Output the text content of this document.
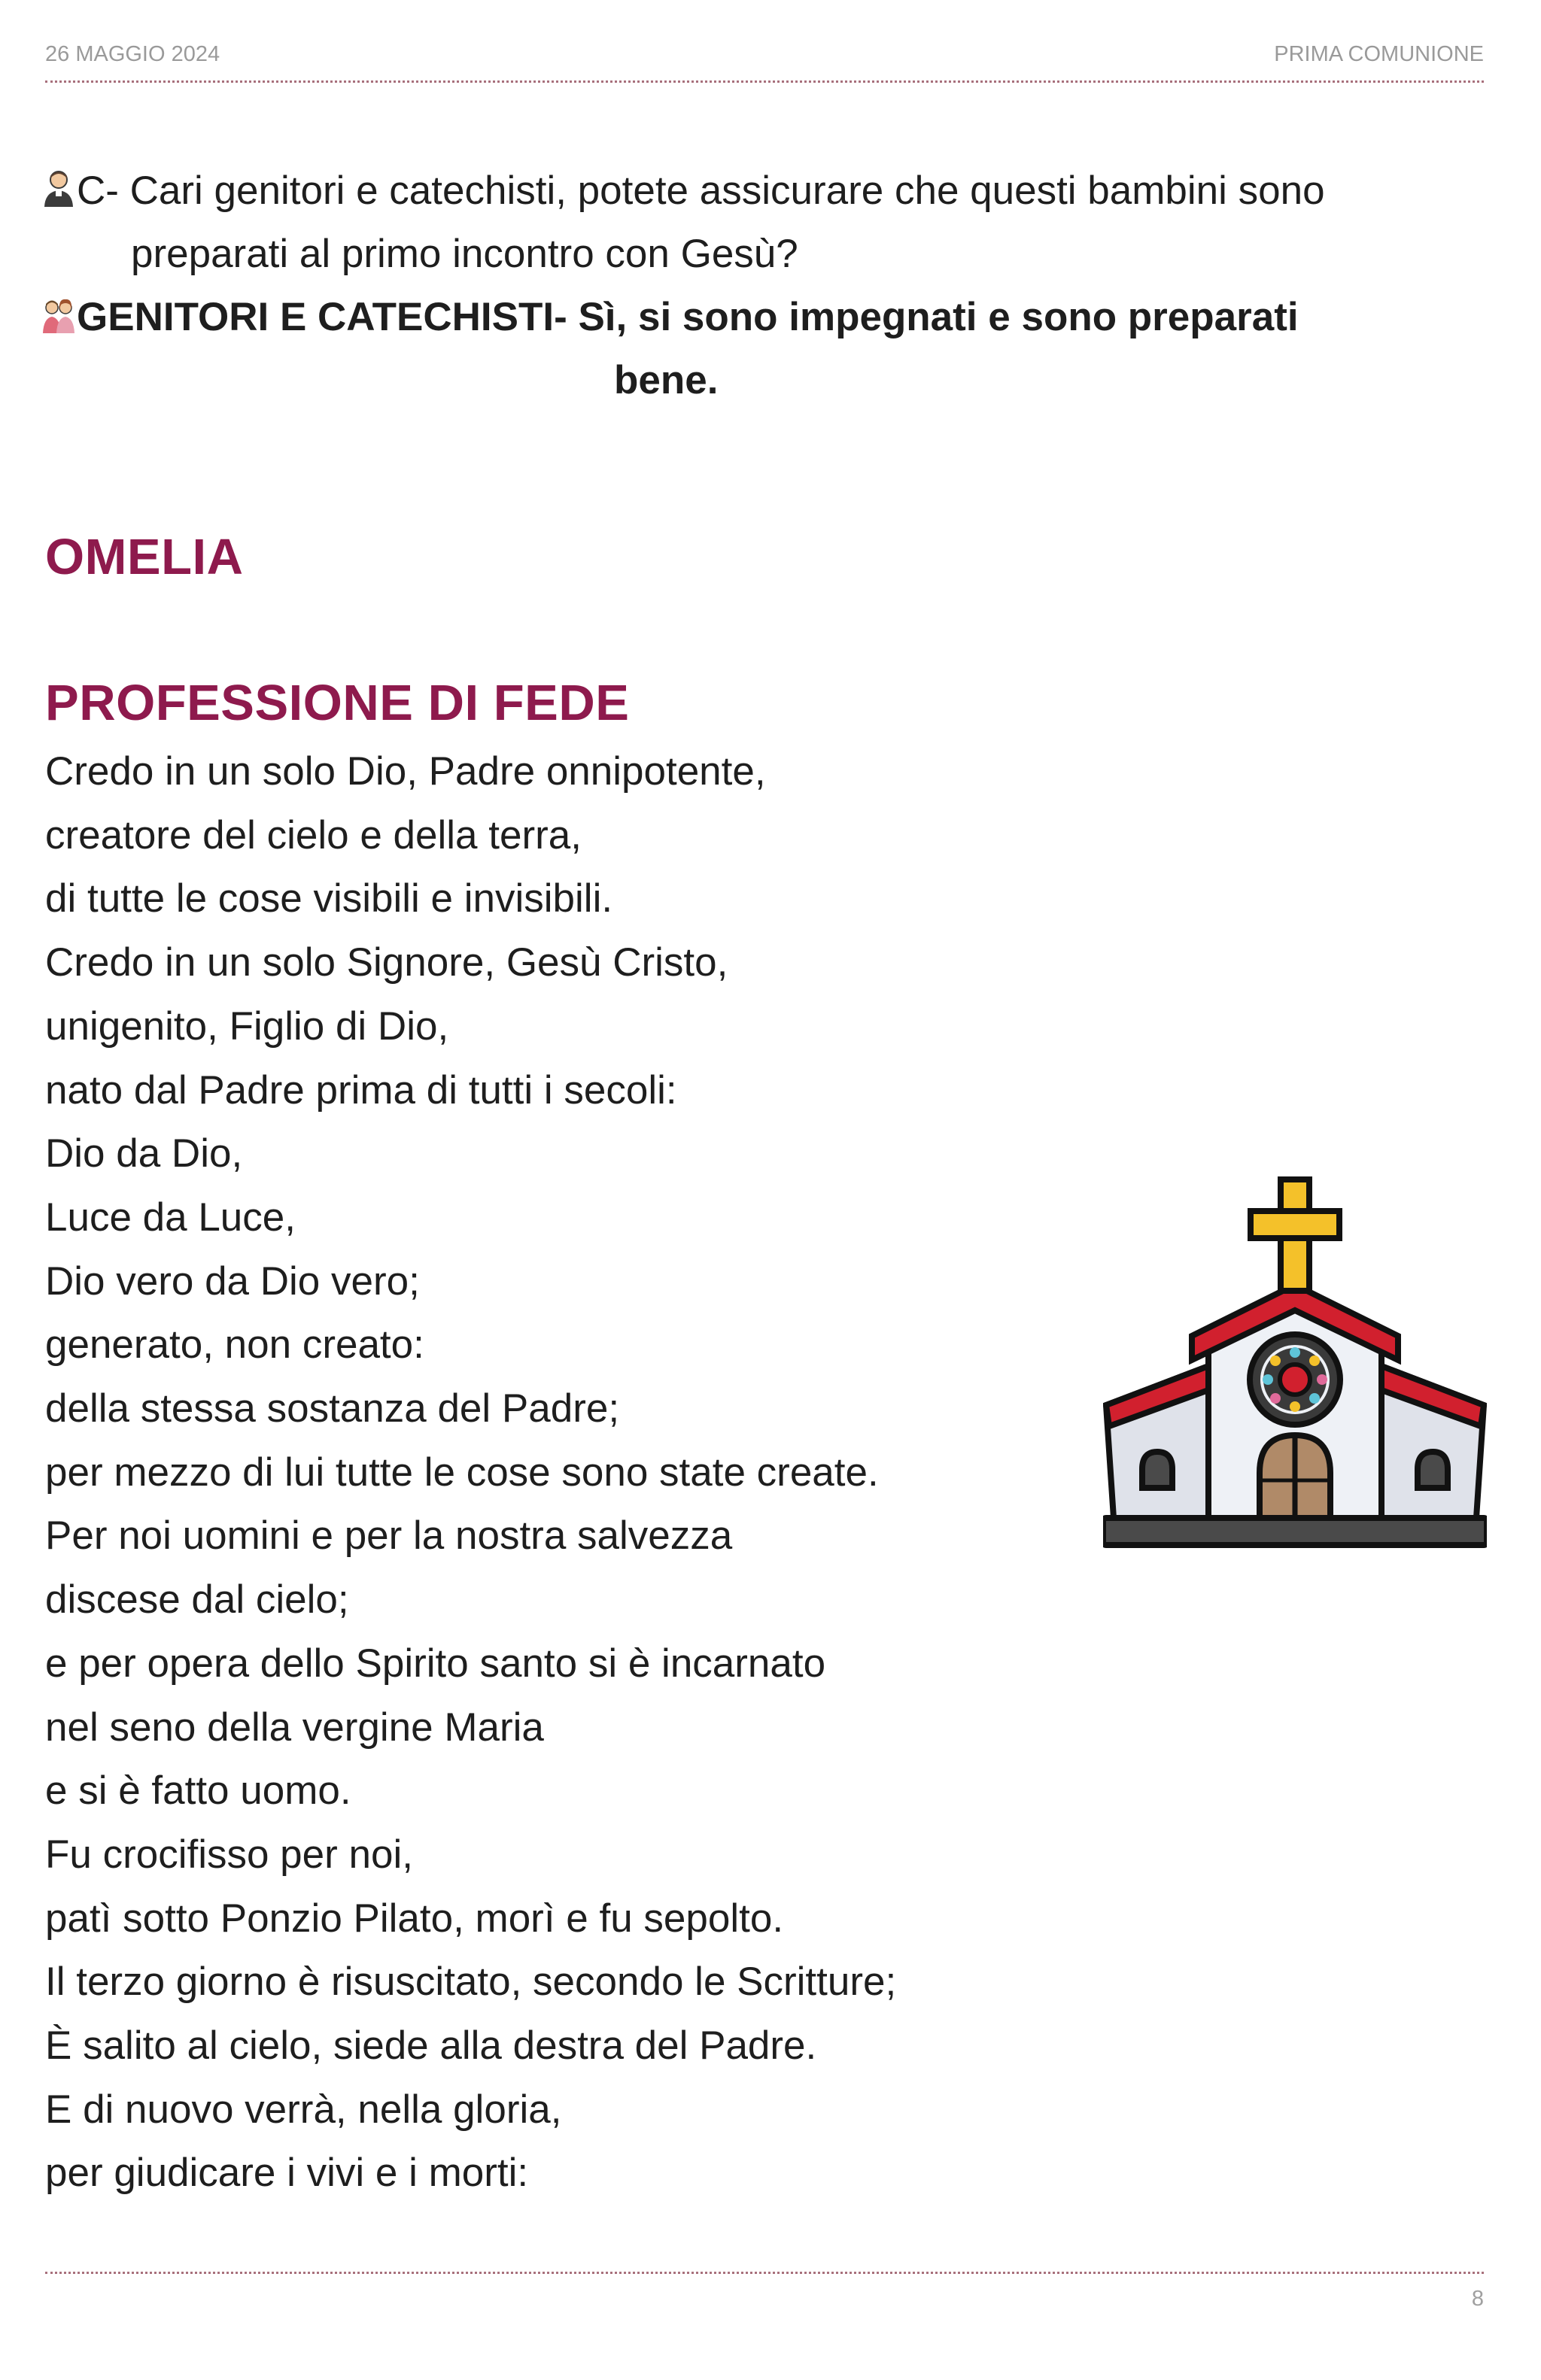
26 MAGGIO 2024	PRIMA COMUNIONE
C- Cari genitori e catechisti, potete assicurare che questi bambini sono
preparati al primo incontro con Gesù?
GENITORI E CATECHISTI- Sì, si sono impegnati e sono preparati
bene.
OMELIA
PROFESSIONE DI FEDE
Credo in un solo Dio, Padre onnipotente,
creatore del cielo e della terra,
di tutte le cose visibili e invisibili.
Credo in un solo Signore, Gesù Cristo,
unigenito, Figlio di Dio,
nato dal Padre prima di tutti i secoli:
Dio da Dio,
Luce da Luce,
Dio vero da Dio vero;
generato, non creato:
della stessa sostanza del Padre;
per mezzo di lui tutte le cose sono state create.
Per noi uomini e per la nostra salvezza
discese dal cielo;
e per opera dello Spirito santo si è incarnato
nel seno della vergine Maria
e si è fatto uomo.
Fu crocifisso per noi,
patì sotto Ponzio Pilato, morì e fu sepolto.
Il terzo giorno è risuscitato, secondo le Scritture;
È salito al cielo, siede alla destra del Padre.
E di nuovo verrà, nella gloria,
per giudicare i vivi e i morti:
8
